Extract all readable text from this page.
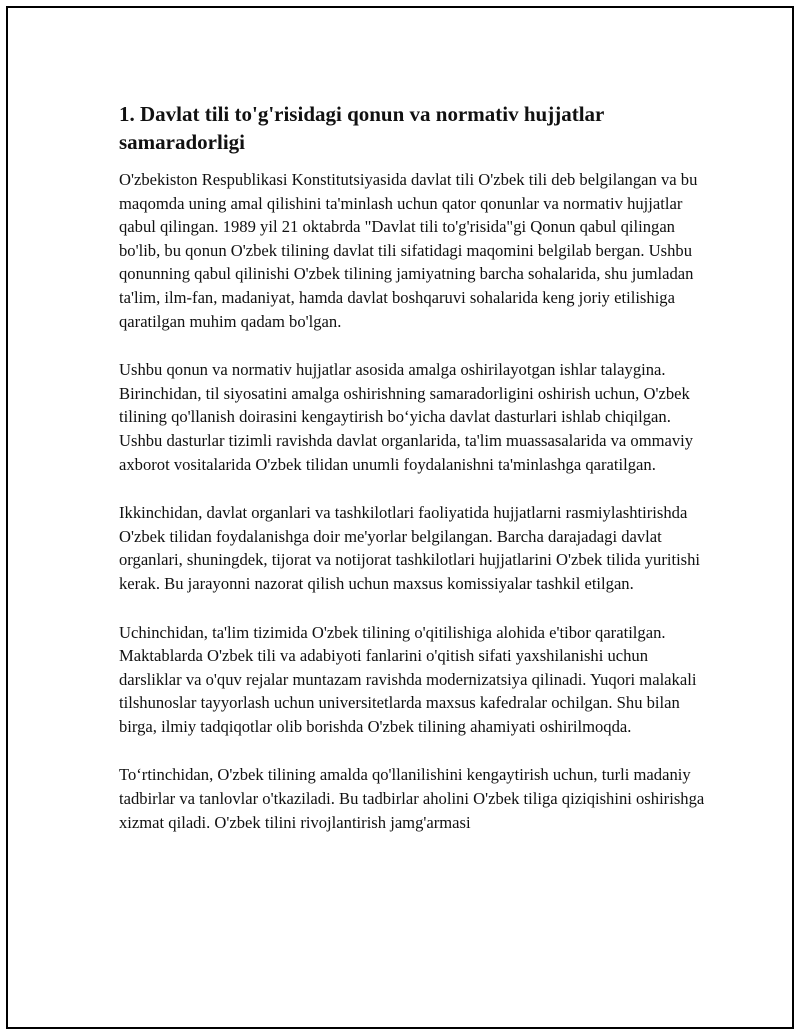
1. Davlat tili to'g'risidagi qonun va normativ hujjatlar samaradorligi

O'zbekiston Respublikasi Konstitutsiyasida davlat tili O'zbek tili deb belgilangan va bu maqomda uning amal qilishini ta'minlash uchun qator qonunlar va normativ hujjatlar qabul qilingan. 1989 yil 21 oktabrda "Davlat tili to'g'risida"gi Qonun qabul qilingan bo'lib, bu qonun O'zbek tilining davlat tili sifatidagi maqomini belgilab bergan. Ushbu qonunning qabul qilinishi O'zbek tilining jamiyatning barcha sohalarida, shu jumladan ta'lim, ilm-fan, madaniyat, hamda davlat boshqaruvi sohalarida keng joriy etilishiga qaratilgan muhim qadam bo'lgan.

Ushbu qonun va normativ hujjatlar asosida amalga oshirilayotgan ishlar talaygina. Birinchidan, til siyosatini amalga oshirishning samaradorligini oshirish uchun, O'zbek tilining qo'llanish doirasini kengaytirish bo‘yicha davlat dasturlari ishlab chiqilgan. Ushbu dasturlar tizimli ravishda davlat organlarida, ta'lim muassasalarida va ommaviy axborot vositalarida O'zbek tilidan unumli foydalanishni ta'minlashga qaratilgan.

Ikkinchidan, davlat organlari va tashkilotlari faoliyatida hujjatlarni rasmiylashtirishda O'zbek tilidan foydalanishga doir me'yorlar belgilangan. Barcha darajadagi davlat organlari, shuningdek, tijorat va notijorat tashkilotlari hujjatlarini O'zbek tilida yuritishi kerak. Bu jarayonni nazorat qilish uchun maxsus komissiyalar tashkil etilgan.

Uchinchidan, ta'lim tizimida O'zbek tilining o'qitilishiga alohida e'tibor qaratilgan. Maktablarda O'zbek tili va adabiyoti fanlarini o'qitish sifati yaxshilanishi uchun darsliklar va o'quv rejalar muntazam ravishda modernizatsiya qilinadi. Yuqori malakali tilshunoslar tayyorlash uchun universitetlarda maxsus kafedralar ochilgan. Shu bilan birga, ilmiy tadqiqotlar olib borishda O'zbek tilining ahamiyati oshirilmoqda.

To‘rtinchidan, O'zbek tilining amalda qo'llanilishini kengaytirish uchun, turli madaniy tadbirlar va tanlovlar o'tkaziladi. Bu tadbirlar aholini O'zbek tiliga qiziqishini oshirishga xizmat qiladi. O'zbek tilini rivojlantirish jamg'armasi
